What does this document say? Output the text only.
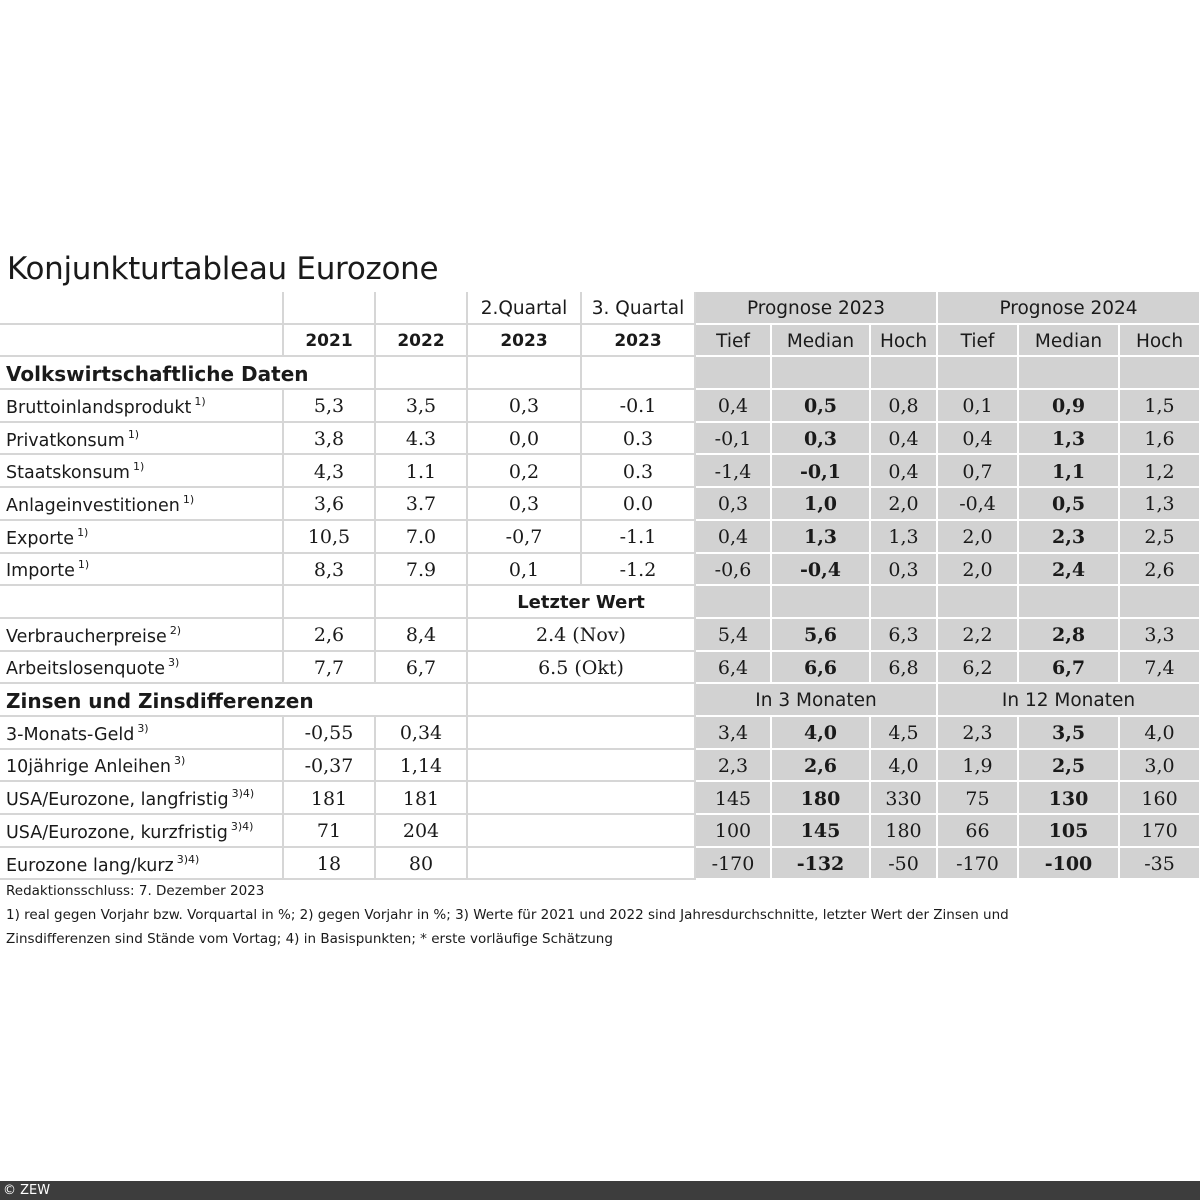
Konjunkturtableau Eurozone
			2.Quartal	3. Quartal	Prognose 2023			Prognose 2024		
	2021	2022	2023	2023	Tief	Median	Hoch	Tief	Median	Hoch
Volkswirtschaftliche Daten										
Bruttoinlandsprodukt $^{1)}$	5,3	3,5	0,3	-0.1	0,4	0,5	0,8	0,1	0,9	1,5
Privatkonsum $^{1)}$	3,8	4.3	0,0	0.3	-0,1	0,3	0,4	0,4	1,3	1,6
Staatskonsum $^{1)}$	4,3	1.1	0,2	0.3	-1,4	-0,1	0,4	0,7	1,1	1,2
Anlageinvestitionen $^{1)}$	3,6	3.7	0,3	0.0	0,3	1,0	2,0	-0,4	0,5	1,3
Exporte $^{1)}$	10,5	7.0	-0,7	-1.1	0,4	1,3	1,3	2,0	2,3	2,5
Importe $^{1)}$	8,3	7.9	0,1	-1.2	-0,6	-0,4	0,3	2,0	2,4	2,6
			Letzter Wert							
Verbraucherpreise $^{2)}$	2,6	8,4	2.4 (Nov)		5,4	5,6	6,3	2,2	2,8	3,3
Arbeitslosenquote $^{3)}$	7,7	6,7	6.5 (Okt)		6,4	6,6	6,8	6,2	6,7	7,4
Zinsen und Zinsdifferenzen					In 3 Monaten			In 12 Monaten		
3-Monats-Geld $^{3)}$	-0,55	0,34			3,4	4,0	4,5	2,3	3,5	4,0
10jährige Anleihen $^{3)}$	-0,37	1,14			2,3	2,6	4,0	1,9	2,5	3,0
USA/Eurozone, langfristig $^{3)4)}$	181	181			145	180	330	75	130	160
USA/Eurozone, kurzfristig $^{3)4)}$	71	204			100	145	180	66	105	170
Eurozone lang/kurz $^{3)4)}$	18	80			-170	-132	-50	-170	-100	-35
Redaktionsschluss: 7. Dezember 2023
1) real gegen Vorjahr bzw. Vorquartal in %; 2) gegen Vorjahr in %; 3) Werte für 2021 und 2022 sind Jahresdurchschnitte, letzter Wert der Zinsen und
Zinsdifferenzen sind Stände vom Vortag; 4) in Basispunkten; * erste vorläufige Schätzung
© ZEW
